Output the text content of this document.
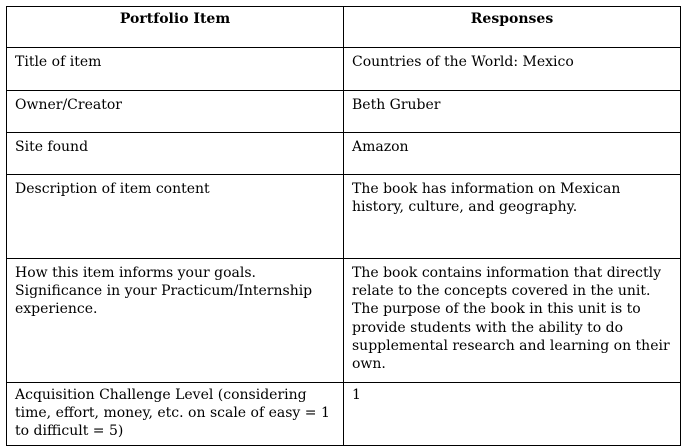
Portfolio Item	Responses
Title of item	Countries of the World: Mexico
Owner/Creator	Beth Gruber
Site found	Amazon
Description of item content	The book has information on Mexican history, culture, and geography.
How this item informs your goals. Significance in your Practicum/Internship experience.	The book contains information that directly relate to the concepts covered in the unit. The purpose of the book in this unit is to provide students with the ability to do supplemental research and learning on their own.
Acquisition Challenge Level (considering time, effort, money, etc. on scale of easy = 1 to difficult = 5)	1
